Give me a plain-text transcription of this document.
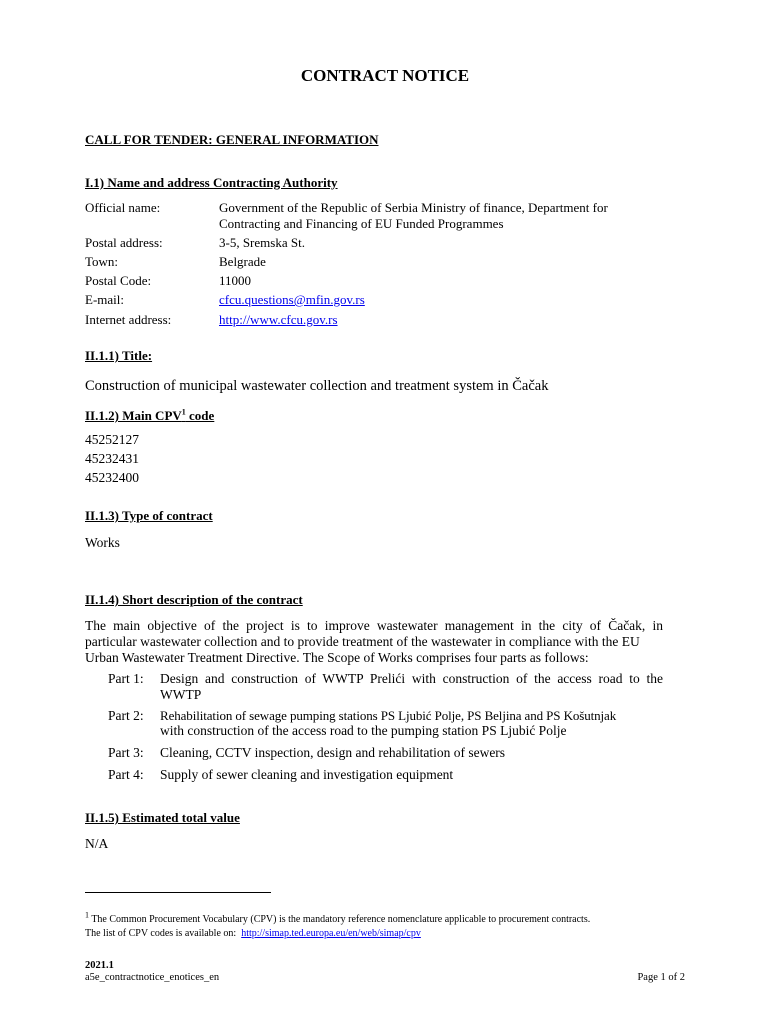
CONTRACT NOTICE
CALL FOR TENDER: GENERAL INFORMATION
I.1) Name and address Contracting Authority
Official name:	Government of the Republic of Serbia Ministry of finance, Department for
Contracting and Financing of EU Funded Programmes
Postal address:	3-5, Sremska St.
Town:	Belgrade
Postal Code:	11000
E-mail:	cfcu.questions@mfin.gov.rs
Internet address:	http://www.cfcu.gov.rs
II.1.1) Title:
Construction of municipal wastewater collection and treatment system in Čačak
II.1.2) Main CPV$^1$ code
45252127
45232431
45232400
II.1.3) Type of contract
Works
II.1.4) Short description of the contract
The main objective of the project is to improve wastewater management in the city of Čačak, in
particular wastewater collection and to provide treatment of the wastewater in compliance with the EU
Urban Wastewater Treatment Directive. The Scope of Works comprises four parts as follows:
Part 1:	Design and construction of WWTP Prelići with construction of the access road to the
WWTP
Part 2:	Rehabilitation of sewage pumping stations PS Ljubić Polje, PS Beljina and PS Košutnjak
with construction of the access road to the pumping station PS Ljubić Polje
Part 3:	Cleaning, CCTV inspection, design and rehabilitation of sewers
Part 4:	Supply of sewer cleaning and investigation equipment
II.1.5) Estimated total value
N/A
$^1$ The Common Procurement Vocabulary (CPV) is the mandatory reference nomenclature applicable to procurement contracts.
The list of CPV codes is available on:  http://simap.ted.europa.eu/en/web/simap/cpv
2021.1
a5e_contractnotice_enotices_en	Page 1 of 2
